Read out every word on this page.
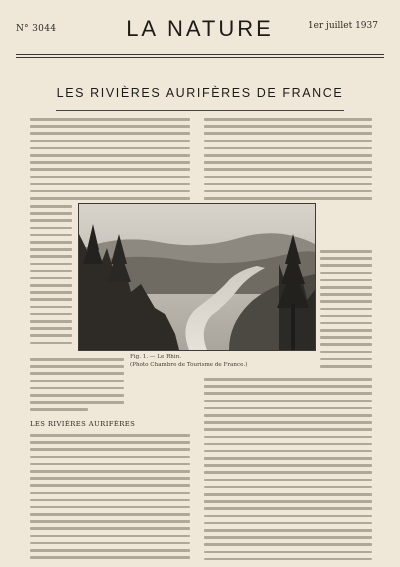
N° 3044	LA NATURE	1er juillet 1937
LES RIVIÈRES AURIFÈRES DE FRANCE
Fig. 1. — Le Rhin.
(Photo Chambre de Tourisme de France.)
LES RIVIÈRES AURIFÈRES
